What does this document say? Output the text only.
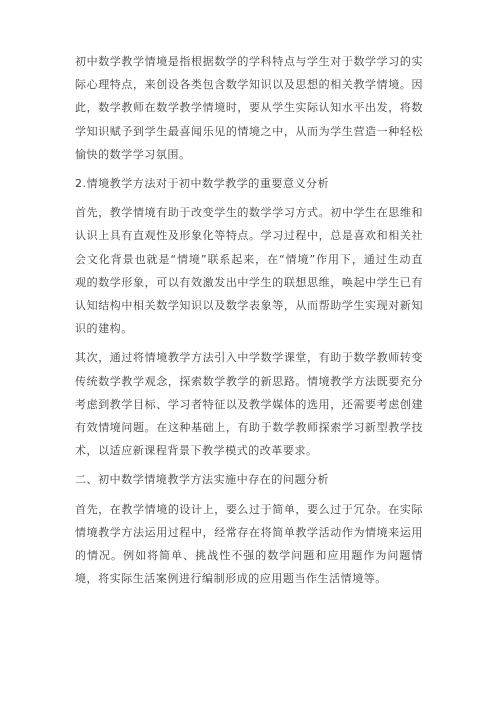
初中数学教学情境是指根据数学的学科特点与学生对于数学学习的实际心理特点，来创设各类包含数学知识以及思想的相关教学情境。因此，数学教师在数学教学情境时，要从学生实际认知水平出发，将数学知识赋予到学生最喜闻乐见的情境之中，从而为学生营造一种轻松愉快的数学学习氛围。

2.情境教学方法对于初中数学教学的重要意义分析

首先，教学情境有助于改变学生的数学学习方式。初中学生在思维和认识上具有直观性及形象化等特点。学习过程中，总是喜欢和相关社会文化背景也就是“情境”联系起来，在“情境”作用下，通过生动直观的数学形象，可以有效激发出中学生的联想思维，唤起中学生已有认知结构中相关数学知识以及数学表象等，从而帮助学生实现对新知识的建构。

其次，通过将情境教学方法引入中学数学课堂，有助于数学教师转变传统数学教学观念，探索数学教学的新思路。情境教学方法既要充分考虑到教学目标、学习者特征以及教学媒体的选用，还需要考虑创建有效情境问题。在这种基础上，有助于数学教师探索学习新型教学技术，以适应新课程背景下教学模式的改革要求。

二、初中数学情境教学方法实施中存在的问题分析

首先，在教学情境的设计上，要么过于简单，要么过于冗杂。在实际情境教学方法运用过程中，经常存在将简单教学活动作为情境来运用的情况。例如将简单、挑战性不强的数学问题和应用题作为问题情境，将实际生活案例进行编制形成的应用题当作生活情境等。
